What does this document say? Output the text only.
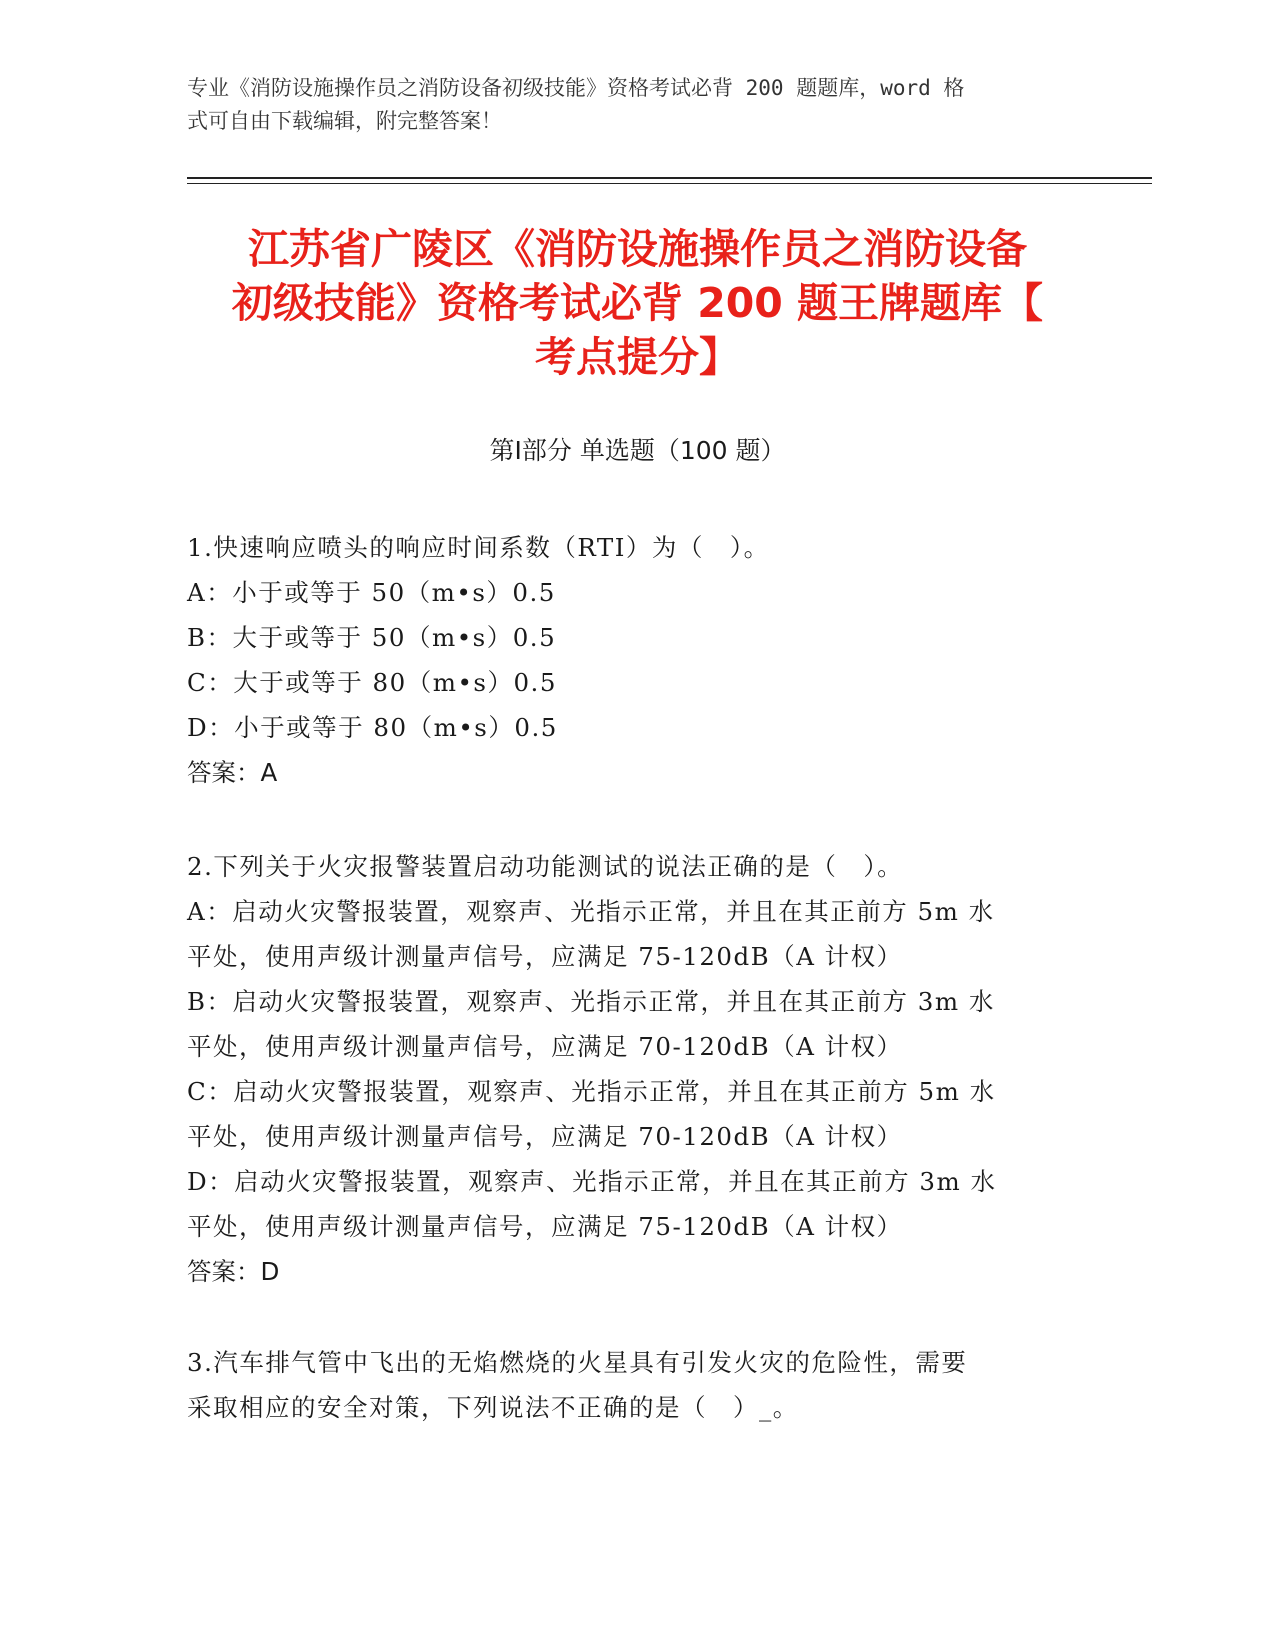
专业《消防设施操作员之消防设备初级技能》资格考试必背 200 题题库，word 格
式可自由下载编辑，附完整答案！
江苏省广陵区《消防设施操作员之消防设备
初级技能》资格考试必背 200 题王牌题库【
考点提分】
第Ⅰ部分 单选题（100 题）
1.快速响应喷头的响应时间系数（RTI）为（　）。
A：小于或等于 50（m•s）0.5
B：大于或等于 50（m•s）0.5
C：大于或等于 80（m•s）0.5
D：小于或等于 80（m•s）0.5
答案：A
2.下列关于火灾报警装置启动功能测试的说法正确的是（　）。
A：启动火灾警报装置，观察声、光指示正常，并且在其正前方 5m 水
平处，使用声级计测量声信号，应满足 75-120dB（A 计权）
B：启动火灾警报装置，观察声、光指示正常，并且在其正前方 3m 水
平处，使用声级计测量声信号，应满足 70-120dB（A 计权）
C：启动火灾警报装置，观察声、光指示正常，并且在其正前方 5m 水
平处，使用声级计测量声信号，应满足 70-120dB（A 计权）
D：启动火灾警报装置，观察声、光指示正常，并且在其正前方 3m 水
平处，使用声级计测量声信号，应满足 75-120dB（A 计权）
答案：D
3.汽车排气管中飞出的无焰燃烧的火星具有引发火灾的危险性，需要
采取相应的安全对策，下列说法不正确的是（　）_。
